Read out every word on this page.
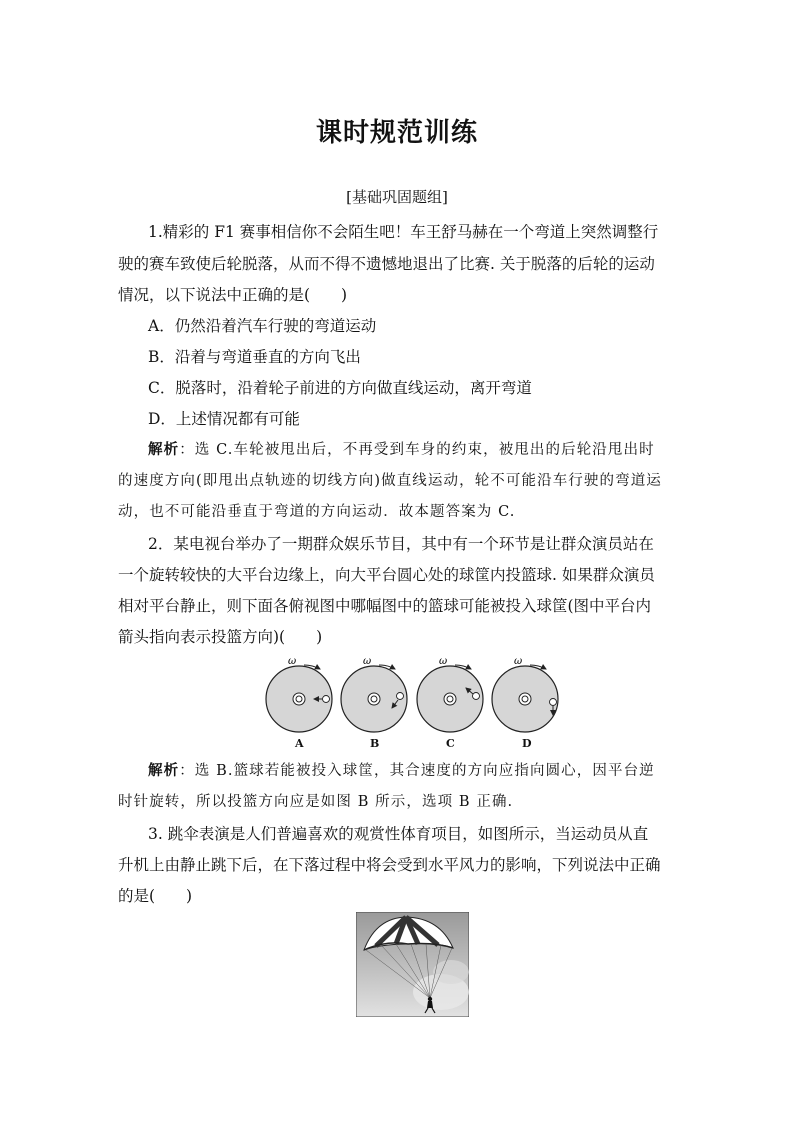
课时规范训练
[基础巩固题组]
1.精彩的 F1 赛事相信你不会陌生吧！车王舒马赫在一个弯道上突然调整行
驶的赛车致使后轮脱落，从而不得不遗憾地退出了比赛. 关于脱落的后轮的运动
情况，以下说法中正确的是(　　)
A．仍然沿着汽车行驶的弯道运动
B．沿着与弯道垂直的方向飞出
C．脱落时，沿着轮子前进的方向做直线运动，离开弯道
D．上述情况都有可能
解析：选 C.车轮被甩出后，不再受到车身的约束，被甩出的后轮沿甩出时
的速度方向(即甩出点轨迹的切线方向)做直线运动，轮不可能沿车行驶的弯道运
动，也不可能沿垂直于弯道的方向运动．故本题答案为 C.
2．某电视台举办了一期群众娱乐节目，其中有一个环节是让群众演员站在
一个旋转较快的大平台边缘上，向大平台圆心处的球筐内投篮球. 如果群众演员
相对平台静止，则下面各俯视图中哪幅图中的篮球可能被投入球筐(图中平台内
箭头指向表示投篮方向)(　　)
ω	ω	ω	ω
A	B	C	D
解析：选 B.篮球若能被投入球筐，其合速度的方向应指向圆心，因平台逆
时针旋转，所以投篮方向应是如图 B 所示，选项 B 正确.
3. 跳伞表演是人们普遍喜欢的观赏性体育项目，如图所示，当运动员从直
升机上由静止跳下后，在下落过程中将会受到水平风力的影响，下列说法中正确
的是(　　)
